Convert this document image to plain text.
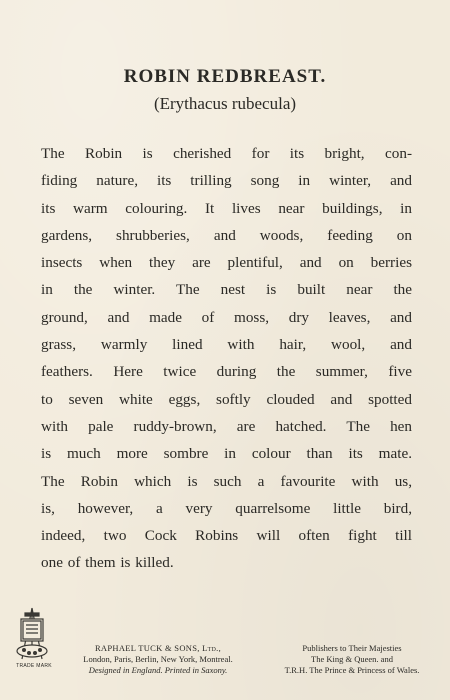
ROBIN REDBREAST.
(Erythacus rubecula)
The Robin is cherished for its bright, con-
fiding nature, its trilling song in winter, and
its warm colouring. It lives near buildings, in
gardens, shrubberies, and woods, feeding on
insects when they are plentiful, and on berries
in the winter. The nest is built near the
ground, and made of moss, dry leaves, and
grass, warmly lined with hair, wool, and
feathers. Here twice during the summer, five
to seven white eggs, softly clouded and spotted
with pale ruddy-brown, are hatched. The hen
is much more sombre in colour than its mate.
The Robin which is such a favourite with us,
is, however, a very quarrelsome little bird,
indeed, two Cock Robins will often fight till
one of them is killed.
TRADE MARK
RAPHAEL TUCK & SONS, Ltd.,
London, Paris, Berlin, New York, Montreal.
Designed in England. Printed in Saxony.
Publishers to Their Majesties
The King & Queen. and
T.R.H. The Prince & Princess of Wales.
